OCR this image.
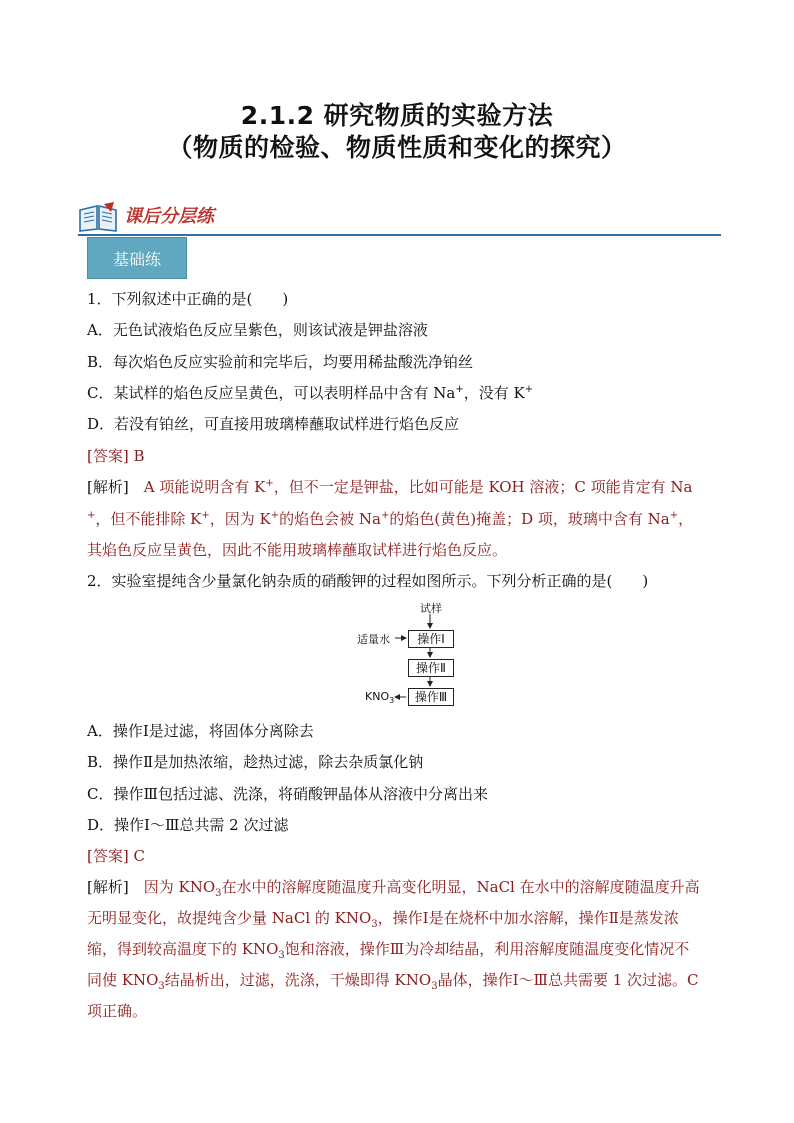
2.1.2 研究物质的实验方法
（物质的检验、物质性质和变化的探究）
课后分层练
基础练
1．下列叙述中正确的是(　　)
A．无色试液焰色反应呈紫色，则该试液是钾盐溶液
B．每次焰色反应实验前和完毕后，均要用稀盐酸洗净铂丝
C．某试样的焰色反应呈黄色，可以表明样品中含有 Na+，没有 K+
D．若没有铂丝，可直接用玻璃棒蘸取试样进行焰色反应
[答案] B
[解析]　A 项能说明含有 K+，但不一定是钾盐，比如可能是 KOH 溶液；C 项能肯定有 Na
+，但不能排除 K+，因为 K+的焰色会被 Na+的焰色(黄色)掩盖；D 项，玻璃中含有 Na+，
其焰色反应呈黄色，因此不能用玻璃棒蘸取试样进行焰色反应。
2．实验室提纯含少量氯化钠杂质的硝酸钾的过程如图所示。下列分析正确的是(　　)
试样
适量水	操作Ⅰ
操作Ⅱ
操作Ⅲ
$KNO_3$
A．操作Ⅰ是过滤，将固体分离除去
B．操作Ⅱ是加热浓缩，趁热过滤，除去杂质氯化钠
C．操作Ⅲ包括过滤、洗涤，将硝酸钾晶体从溶液中分离出来
D．操作Ⅰ～Ⅲ总共需 2 次过滤
[答案] C
[解析]　因为 $KNO_3$在水中的溶解度随温度升高变化明显，NaCl 在水中的溶解度随温度升高
无明显变化，故提纯含少量 NaCl 的 $KNO_3$，操作Ⅰ是在烧杯中加水溶解，操作Ⅱ是蒸发浓
缩，得到较高温度下的 $KNO_3$饱和溶液，操作Ⅲ为冷却结晶，利用溶解度随温度变化情况不
同使 $KNO_3$结晶析出，过滤，洗涤，干燥即得 $KNO_3$晶体，操作Ⅰ～Ⅲ总共需要 1 次过滤。C
项正确。
